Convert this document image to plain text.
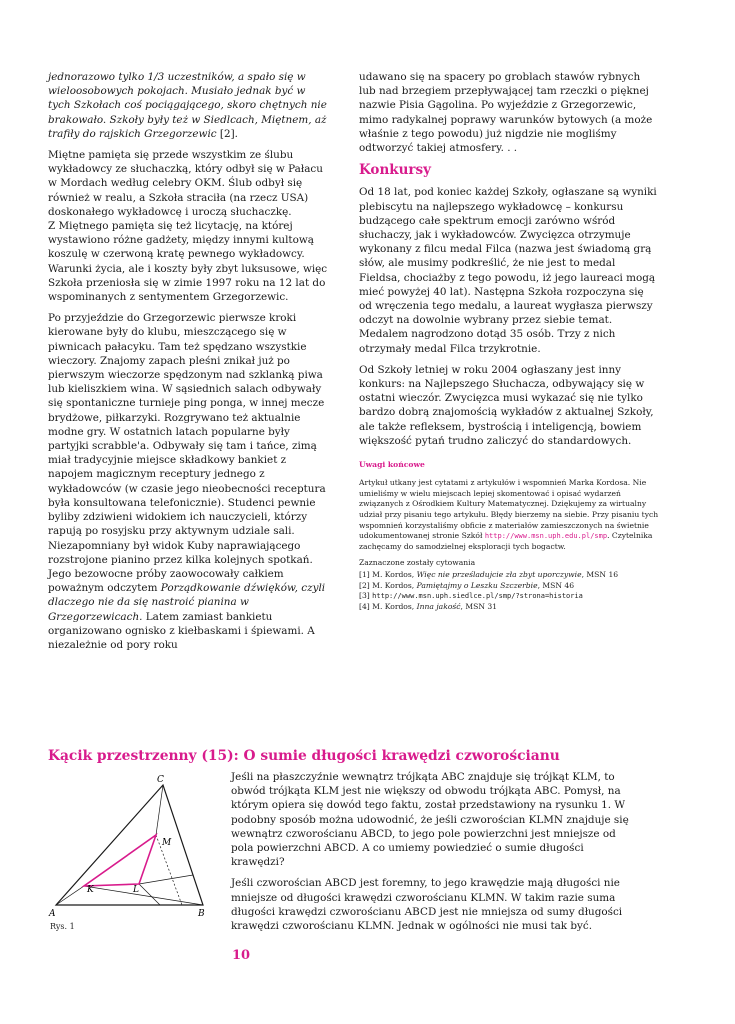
jednorazowo tylko 1/3 uczestników, a spało się w wieloosobowych pokojach. Musiało jednak być w tych Szkołach coś pociągającego, skoro chętnych nie brakowało. Szkoły były też w Siedlcach, Miętnem, aż trafiły do rajskich Grzegorzewic [2].

Miętne pamięta się przede wszystkim ze ślubu wykładowcy ze słuchaczką, który odbył się w Pałacu w Mordach według celebry OKM. Ślub odbył się również w realu, a Szkoła straciła (na rzecz USA) doskonałego wykładowcę i uroczą słuchaczkę.
Z Miętnego pamięta się też licytację, na której wystawiono różne gadżety, między innymi kultową koszulę w czerwoną kratę pewnego wykładowcy.
Warunki życia, ale i koszty były zbyt luksusowe, więc Szkoła przeniosła się w zimie 1997 roku na 12 lat do wspominanych z sentymentem Grzegorzewic.

Po przyjeździe do Grzegorzewic pierwsze kroki kierowane były do klubu, mieszczącego się w piwnicach pałacyku. Tam też spędzano wszystkie wieczory. Znajomy zapach pleśni znikał już po pierwszym wieczorze spędzonym nad szklanką piwa lub kieliszkiem wina. W sąsiednich salach odbywały się spontaniczne turnieje ping ponga, w innej mecze brydżowe, piłkarzyki. Rozgrywano też aktualnie modne gry. W ostatnich latach popularne były partyjki scrabble'a. Odbywały się tam i tańce, zimą miał tradycyjnie miejsce składkowy bankiet z napojem magicznym receptury jednego z wykładowców (w czasie jego nieobecności receptura była konsultowana telefonicznie). Studenci pewnie byliby zdziwieni widokiem ich nauczycieli, którzy rapują po rosyjsku przy aktywnym udziale sali. Niezapomniany był widok Kuby naprawiającego rozstrojone pianino przez kilka kolejnych spotkań. Jego bezowocne próby zaowocowały całkiem poważnym odczytem Porządkowanie dźwięków, czyli dlaczego nie da się nastroić pianina w Grzegorzewicach. Latem zamiast bankietu organizowano ognisko z kiełbaskami i śpiewami. A niezależnie od pory roku

udawano się na spacery po groblach stawów rybnych lub nad brzegiem przepływającej tam rzeczki o pięknej nazwie Pisia Gągolina. Po wyjeździe z Grzegorzewic, mimo radykalnej poprawy warunków bytowych (a może właśnie z tego powodu) już nigdzie nie mogliśmy odtworzyć takiej atmosfery. . .

Konkursy

Od 18 lat, pod koniec każdej Szkoły, ogłaszane są wyniki plebiscytu na najlepszego wykładowcę – konkursu budzącego całe spektrum emocji zarówno wśród słuchaczy, jak i wykładowców. Zwycięzca otrzymuje wykonany z filcu medal Filca (nazwa jest świadomą grą słów, ale musimy podkreślić, że nie jest to medal Fieldsa, chociażby z tego powodu, iż jego laureaci mogą mieć powyżej 40 lat). Następna Szkoła rozpoczyna się od wręczenia tego medalu, a laureat wygłasza pierwszy odczyt na dowolnie wybrany przez siebie temat. Medalem nagrodzono dotąd 35 osób. Trzy z nich otrzymały medal Filca trzykrotnie.

Od Szkoły letniej w roku 2004 ogłaszany jest inny konkurs: na Najlepszego Słuchacza, odbywający się w ostatni wieczór. Zwycięzca musi wykazać się nie tylko bardzo dobrą znajomością wykładów z aktualnej Szkoły, ale także refleksem, bystrością i inteligencją, bowiem większość pytań trudno zaliczyć do standardowych.

Uwagi końcowe

Artykuł utkany jest cytatami z artykułów i wspomnień Marka Kordosa. Nie umieliśmy w wielu miejscach lepiej skomentować i opisać wydarzeń związanych z Ośrodkiem Kultury Matematycznej. Dziękujemy za wirtualny udział przy pisaniu tego artykułu. Błędy bierzemy na siebie. Przy pisaniu tych wspomnień korzystaliśmy obficie z materiałów zamieszczonych na świetnie udokumentowanej stronie Szkół http://www.msn.uph.edu.pl/smp. Czytelnika zachęcamy do samodzielnej eksploracji tych bogactw.

Zaznaczone zostały cytowania
[1] M. Kordos, Więc nie prześladujcie zła zbyt uporczywie, MSN 16
[2] M. Kordos, Pamiętajmy o Leszku Szczerbie, MSN 46
[3] http://www.msn.uph.siedlce.pl/smp/?strona=historia
[4] M. Kordos, Inna jakość, MSN 31
Kącik przestrzenny (15): O sumie długości krawędzi czworościanu
A	B
C
K	L
M
Rys. 1

Jeśli na płaszczyźnie wewnątrz trójkąta ABC znajduje się trójkąt KLM, to obwód trójkąta KLM jest nie większy od obwodu trójkąta ABC. Pomysł, na którym opiera się dowód tego faktu, został przedstawiony na rysunku 1. W podobny sposób można udowodnić, że jeśli czworościan KLMN znajduje się wewnątrz czworościanu ABCD, to jego pole powierzchni jest mniejsze od pola powierzchni ABCD. A co umiemy powiedzieć o sumie długości krawędzi?

Jeśli czworościan ABCD jest foremny, to jego krawędzie mają długości nie mniejsze od długości krawędzi czworościanu KLMN. W takim razie suma długości krawędzi czworościanu ABCD jest nie mniejsza od sumy długości krawędzi czworościanu KLMN. Jednak w ogólności nie musi tak być.

10
